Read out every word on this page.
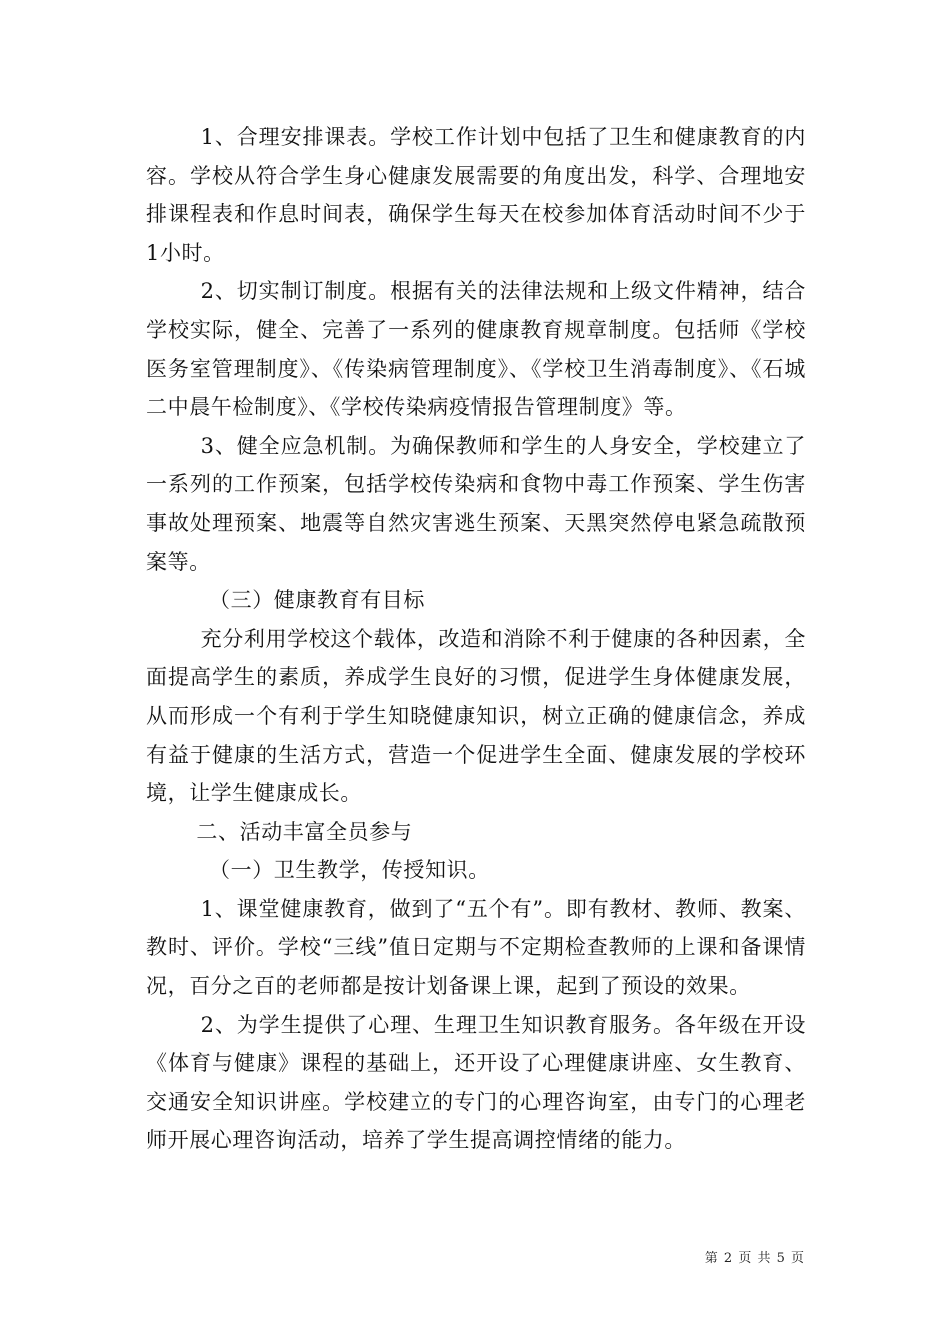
1、合理安排课表。学校工作计划中包括了卫生和健康教育的内容。学校从符合学生身心健康发展需要的角度出发，科学、合理地安排课程表和作息时间表，确保学生每天在校参加体育活动时间不少于1小时。

2、切实制订制度。根据有关的法律法规和上级文件精神，结合学校实际，健全、完善了一系列的健康教育规章制度。包括师《学校医务室管理制度》、《传染病管理制度》、《学校卫生消毒制度》、《石城二中晨午检制度》、《学校传染病疫情报告管理制度》等。

3、健全应急机制。为确保教师和学生的人身安全，学校建立了一系列的工作预案，包括学校传染病和食物中毒工作预案、学生伤害事故处理预案、地震等自然灾害逃生预案、天黑突然停电紧急疏散预案等。

（三）健康教育有目标

充分利用学校这个载体，改造和消除不利于健康的各种因素，全面提高学生的素质，养成学生良好的习惯，促进学生身体健康发展，从而形成一个有利于学生知晓健康知识，树立正确的健康信念，养成有益于健康的生活方式，营造一个促进学生全面、健康发展的学校环境，让学生健康成长。

二、活动丰富全员参与

（一）卫生教学，传授知识。

1、课堂健康教育，做到了“五个有”。即有教材、教师、教案、教时、评价。学校“三线”值日定期与不定期检查教师的上课和备课情况，百分之百的老师都是按计划备课上课，起到了预设的效果。

2、为学生提供了心理、生理卫生知识教育服务。各年级在开设《体育与健康》课程的基础上，还开设了心理健康讲座、女生教育、交通安全知识讲座。学校建立的专门的心理咨询室，由专门的心理老师开展心理咨询活动，培养了学生提高调控情绪的能力。

第 2 页 共 5 页
